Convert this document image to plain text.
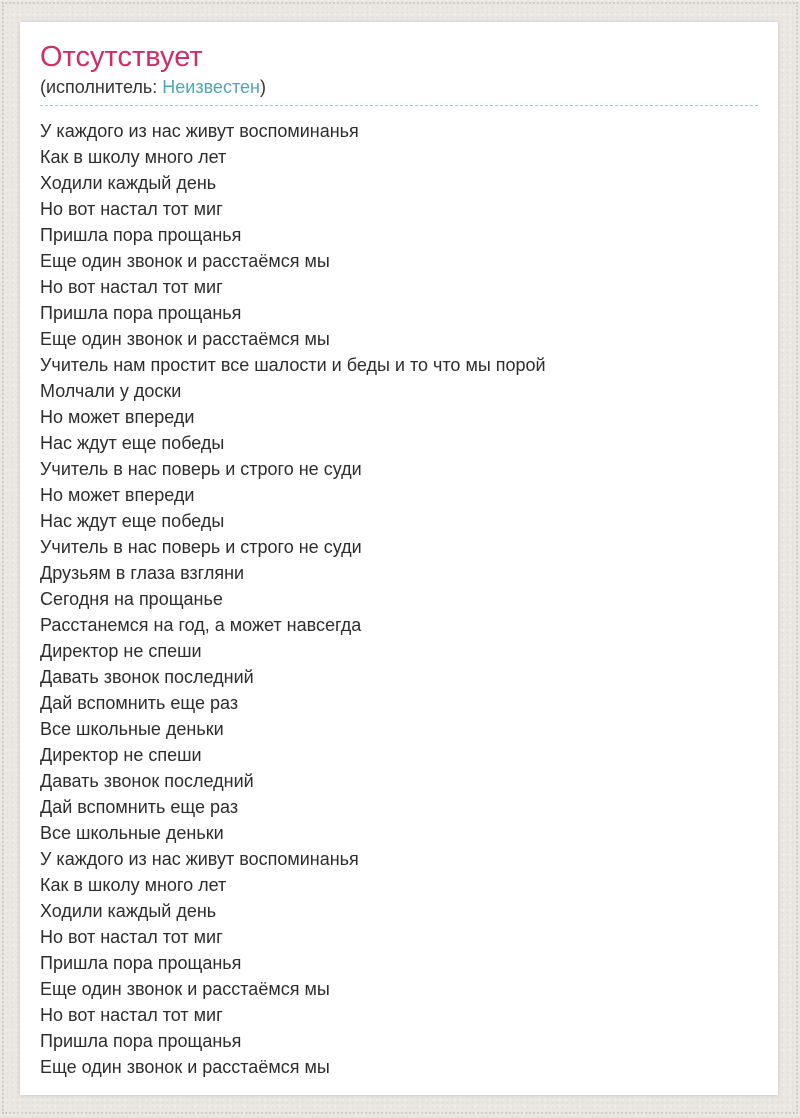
Отсутствует
(исполнитель: Неизвестен)
У каждого из нас живут воспоминанья
Как в школу много лет
Ходили каждый день
Но вот настал тот миг
Пришла пора прощанья
Еще один звонок и расстаёмся мы
Но вот настал тот миг
Пришла пора прощанья
Еще один звонок и расстаёмся мы
Учитель нам простит все шалости и беды и то что мы порой
Молчали у доски
Но может впереди
Нас ждут еще победы
Учитель в нас поверь и строго не суди
Но может впереди
Нас ждут еще победы
Учитель в нас поверь и строго не суди
Друзьям в глаза взгляни
Сегодня на прощанье
Расстанемся на год, а может навсегда
Директор не спеши
Давать звонок последний
Дай вспомнить еще раз
Все школьные деньки
Директор не спеши
Давать звонок последний
Дай вспомнить еще раз
Все школьные деньки
У каждого из нас живут воспоминанья
Как в школу много лет
Ходили каждый день
Но вот настал тот миг
Пришла пора прощанья
Еще один звонок и расстаёмся мы
Но вот настал тот миг
Пришла пора прощанья
Еще один звонок и расстаёмся мы
